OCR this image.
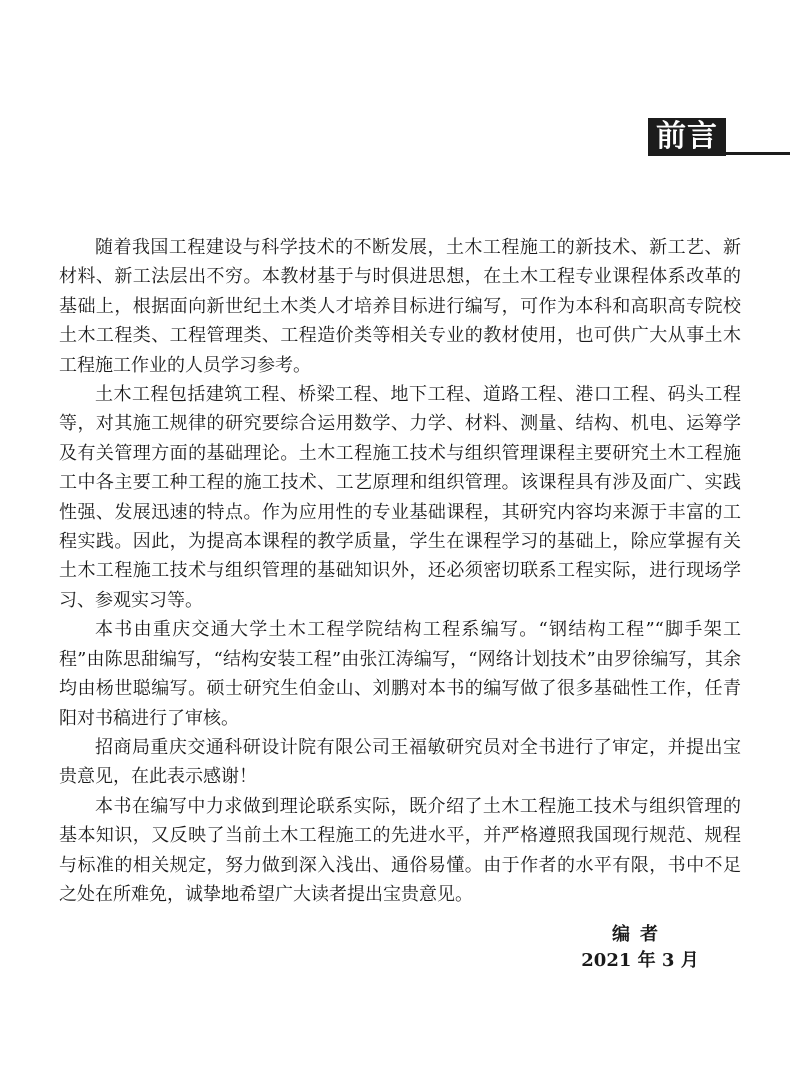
前言

随着我国工程建设与科学技术的不断发展，土木工程施工的新技术、新工艺、新材料、新工法层出不穷。本教材基于与时俱进思想，在土木工程专业课程体系改革的基础上，根据面向新世纪土木类人才培养目标进行编写，可作为本科和高职高专院校土木工程类、工程管理类、工程造价类等相关专业的教材使用，也可供广大从事土木工程施工作业的人员学习参考。

土木工程包括建筑工程、桥梁工程、地下工程、道路工程、港口工程、码头工程等，对其施工规律的研究要综合运用数学、力学、材料、测量、结构、机电、运筹学及有关管理方面的基础理论。土木工程施工技术与组织管理课程主要研究土木工程施工中各主要工种工程的施工技术、工艺原理和组织管理。该课程具有涉及面广、实践性强、发展迅速的特点。作为应用性的专业基础课程，其研究内容均来源于丰富的工程实践。因此，为提高本课程的教学质量，学生在课程学习的基础上，除应掌握有关土木工程施工技术与组织管理的基础知识外，还必须密切联系工程实际，进行现场学习、参观实习等。

本书由重庆交通大学土木工程学院结构工程系编写。“钢结构工程”“脚手架工程”由陈思甜编写，“结构安装工程”由张江涛编写，“网络计划技术”由罗徐编写，其余均由杨世聪编写。硕士研究生伯金山、刘鹏对本书的编写做了很多基础性工作，任青阳对书稿进行了审核。

招商局重庆交通科研设计院有限公司王福敏研究员对全书进行了审定，并提出宝贵意见，在此表示感谢！

本书在编写中力求做到理论联系实际，既介绍了土木工程施工技术与组织管理的基本知识，又反映了当前土木工程施工的先进水平，并严格遵照我国现行规范、规程与标准的相关规定，努力做到深入浅出、通俗易懂。由于作者的水平有限，书中不足之处在所难免，诚挚地希望广大读者提出宝贵意见。

编者
2021 年 3 月
